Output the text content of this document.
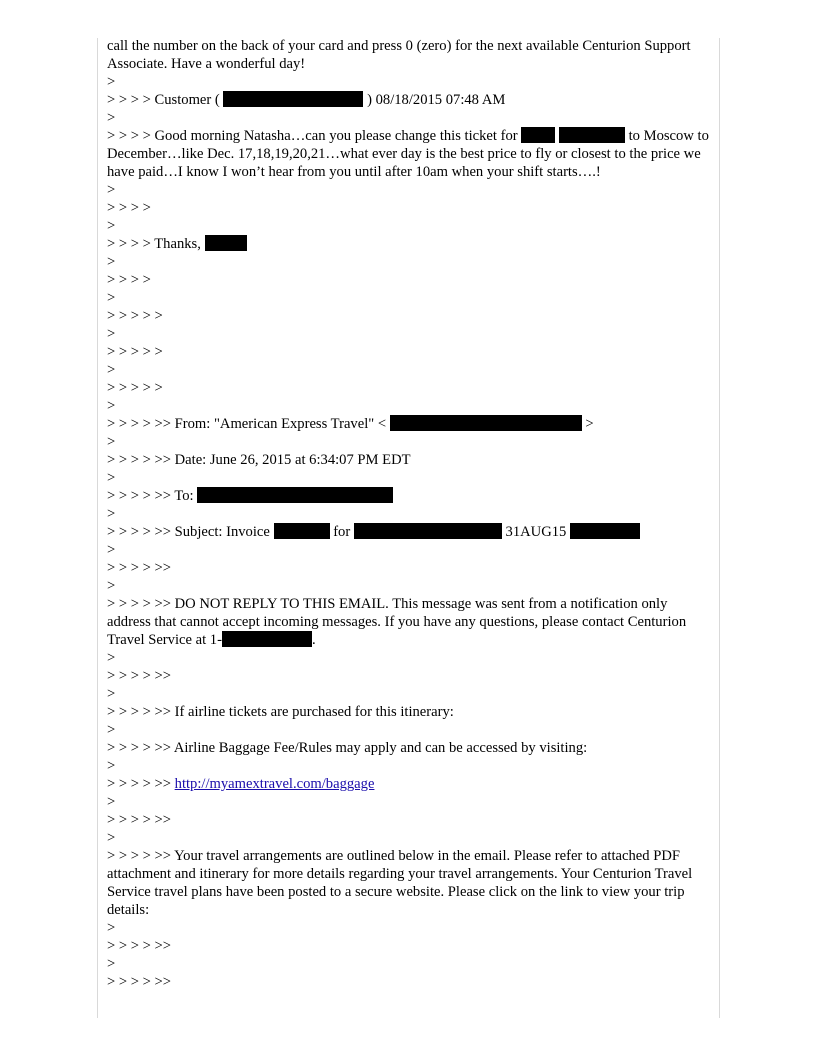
call the number on the back of your card and press 0 (zero) for the next available Centurion Support Associate. Have a wonderful day!
>
> > > > Customer (	) 08/18/2015 07:48 AM
>
> > > > Good morning Natasha…can you please change this ticket for	to Moscow to December…like Dec. 17,18,19,20,21…what ever day is the best price to fly or closest to the price we have paid…I know I won’t hear from you until after 10am when your shift starts….!
>
> > > >
>
> > > > Thanks,
>
> > > >
>
> > > > >
>
> > > > >
>
> > > > >
>
> > > > >> From: "American Express Travel" <	>
>
> > > > >> Date: June 26, 2015 at 6:34:07 PM EDT
>
> > > > >> To:
>
> > > > >> Subject: Invoice	for	31AUG15
>
> > > > >>
>
> > > > >> DO NOT REPLY TO THIS EMAIL. This message was sent from a notification only address that cannot accept incoming messages. If you have any questions, please contact Centurion Travel Service at 1-	.
>
> > > > >>
>
> > > > >> If airline tickets are purchased for this itinerary:
>
> > > > >> Airline Baggage Fee/Rules may apply and can be accessed by visiting:
>
> > > > >> http://myamextravel.com/baggage
>
> > > > >>
>
> > > > >> Your travel arrangements are outlined below in the email. Please refer to attached PDF attachment and itinerary for more details regarding your travel arrangements. Your Centurion Travel Service travel plans have been posted to a secure website. Please click on the link to view your trip details:
>
> > > > >>
>
> > > > >>
